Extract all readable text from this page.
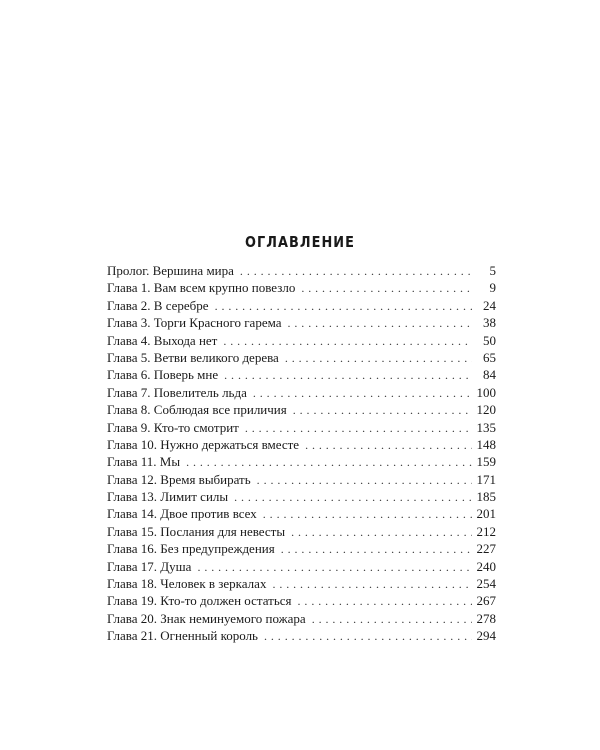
ОГЛАВЛЕНИЕ
Пролог. Вершина мира . . .	5
Глава 1. Вам всем крупно повезло . . .	9
Глава 2. В серебре . . .	24
Глава 3. Торги Красного гарема . . .	38
Глава 4. Выхода нет . . .	50
Глава 5. Ветви великого дерева . . .	65
Глава 6. Поверь мне . . .	84
Глава 7. Повелитель льда . . .	100
Глава 8. Соблюдая все приличия . . .	120
Глава 9. Кто-то смотрит . . .	135
Глава 10. Нужно держаться вместе . . .	148
Глава 11. Мы . . .	159
Глава 12. Время выбирать . . .	171
Глава 13. Лимит силы . . .	185
Глава 14. Двое против всех . . .	201
Глава 15. Послания для невесты . . .	212
Глава 16. Без предупреждения . . .	227
Глава 17. Душа . . .	240
Глава 18. Человек в зеркалах . . .	254
Глава 19. Кто-то должен остаться . . .	267
Глава 20. Знак неминуемого пожара . . .	278
Глава 21. Огненный король . . .	294
